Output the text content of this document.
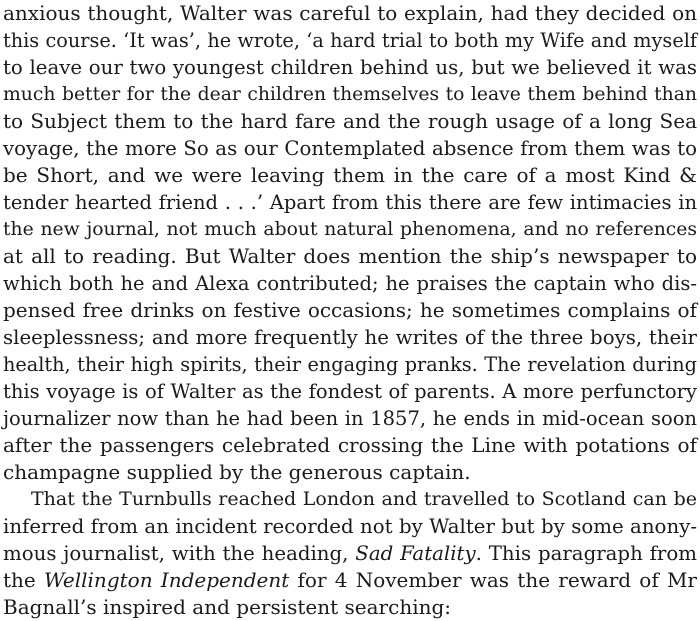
anxious thought, Walter was careful to explain, had they decided on
this course. ‘It was’, he wrote, ‘a hard trial to both my Wife and myself
to leave our two youngest children behind us, but we believed it was
much better for the dear children themselves to leave them behind than
to Subject them to the hard fare and the rough usage of a long Sea
voyage, the more So as our Contemplated absence from them was to
be Short, and we were leaving them in the care of a most Kind &
tender hearted friend . . .’ Apart from this there are few intimacies in
the new journal, not much about natural phenomena, and no references
at all to reading. But Walter does mention the ship’s newspaper to
which both he and Alexa contributed; he praises the captain who dis-
pensed free drinks on festive occasions; he sometimes complains of
sleeplessness; and more frequently he writes of the three boys, their
health, their high spirits, their engaging pranks. The revelation during
this voyage is of Walter as the fondest of parents. A more perfunctory
journalizer now than he had been in 1857, he ends in mid-ocean soon
after the passengers celebrated crossing the Line with potations of
champagne supplied by the generous captain.
That the Turnbulls reached London and travelled to Scotland can be
inferred from an incident recorded not by Walter but by some anony-
mous journalist, with the heading, Sad Fatality. This paragraph from
the Wellington Independent for 4 November was the reward of Mr
Bagnall’s inspired and persistent searching:
